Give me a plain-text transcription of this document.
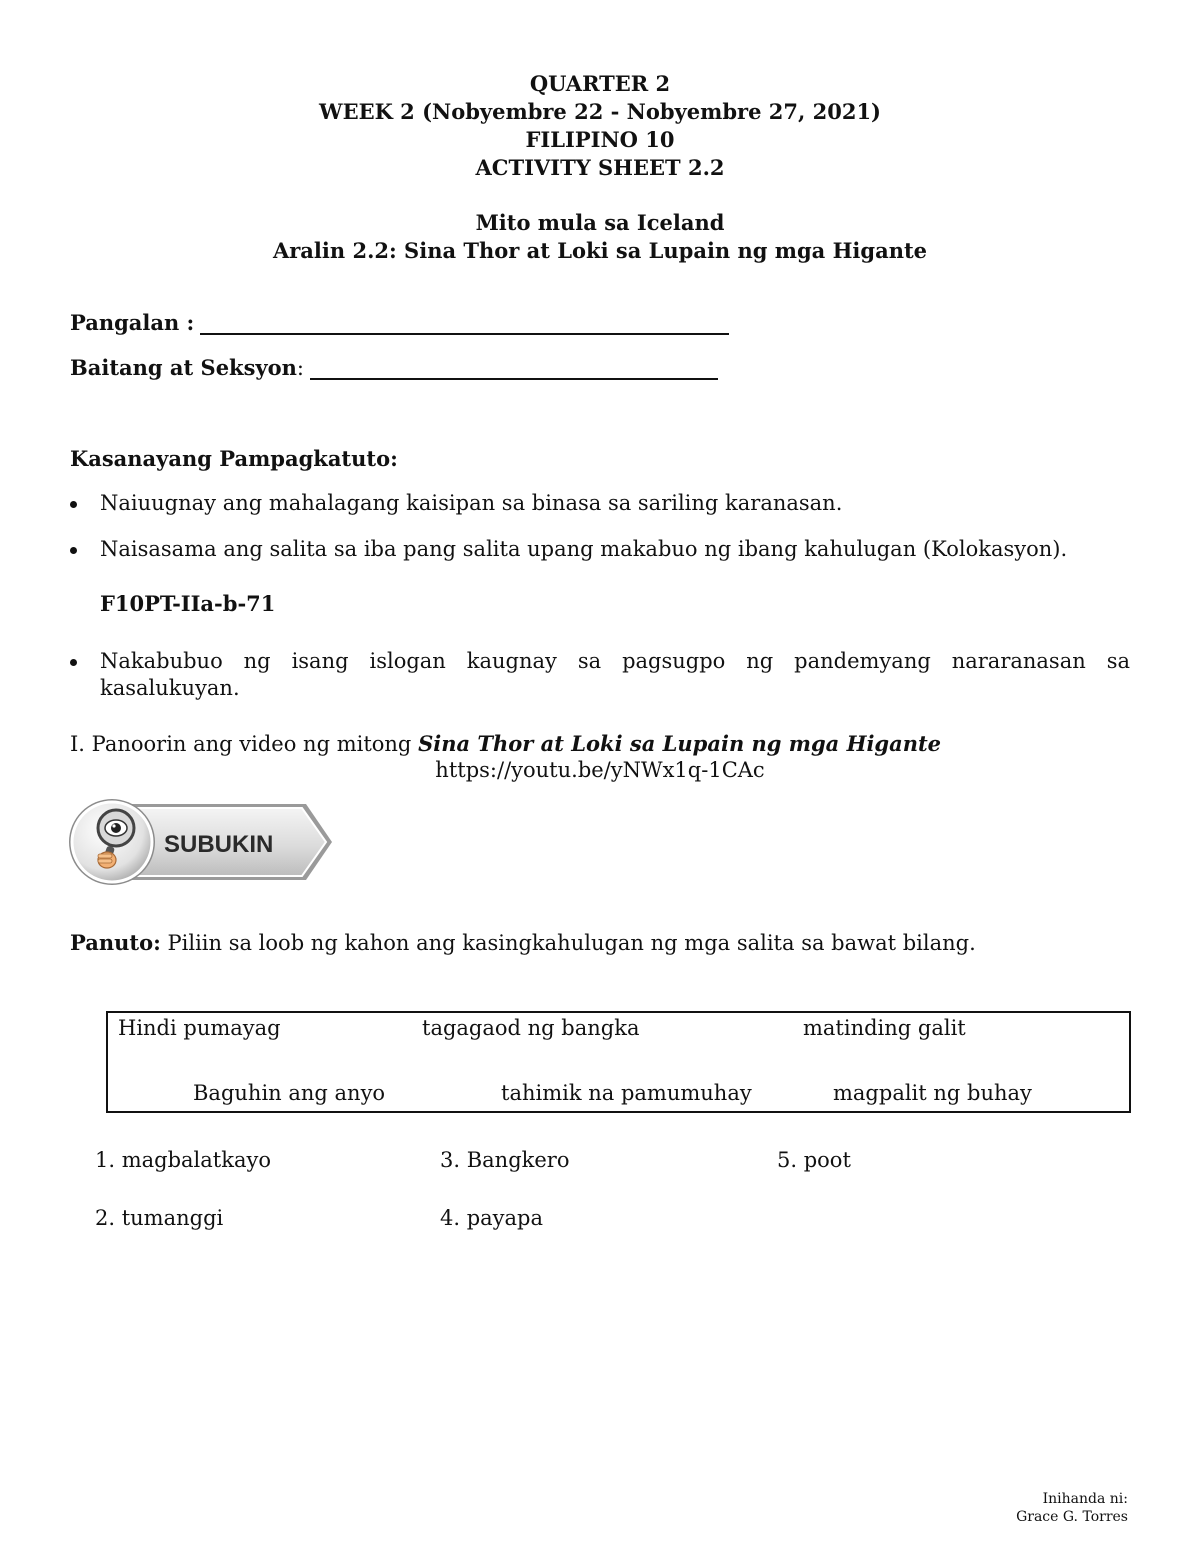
QUARTER 2
WEEK 2 (Nobyembre 22 - Nobyembre 27, 2021)
FILIPINO 10
ACTIVITY SHEET 2.2
Mito mula sa Iceland
Aralin 2.2: Sina Thor at Loki sa Lupain ng mga Higante
Pangalan :
Baitang at Seksyon :
Kasanayang Pampagkatuto:
Naiuugnay ang mahalagang kaisipan sa binasa sa sariling karanasan.
Naisasama ang salita sa iba pang salita upang makabuo ng ibang kahulugan (Kolokasyon).
F10PT-IIa-b-71
Nakabubuo ng isang islogan kaugnay sa pagsugpo ng pandemyang nararanasan sa kasalukuyan.
I. Panoorin ang video ng mitong Sina Thor at Loki sa Lupain ng mga Higante
https://youtu.be/yNWx1q-1CAc
SUBUKIN
Panuto: Piliin sa loob ng kahon ang kasingkahulugan ng mga salita sa bawat bilang.
Hindi pumayag	tagagaod ng bangka	matinding galit
Baguhin ang anyo	tahimik na pamumuhay	magpalit ng buhay
1. magbalatkayo	3. Bangkero	5. poot
2. tumanggi	4. payapa
Inihanda ni:
Grace G. Torres
